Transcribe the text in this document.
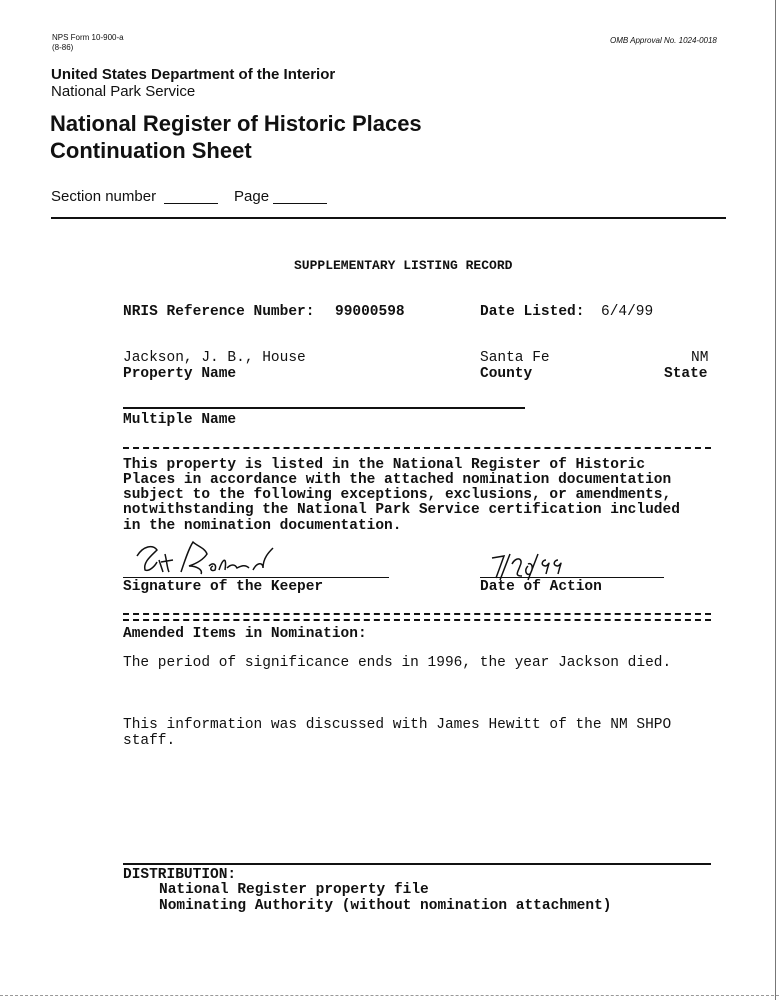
NPS Form 10-900-a
(8-86)
OMB Approval No. 1024-0018
United States Department of the Interior
National Park Service
National Register of Historic Places
Continuation Sheet
Section number	Page
SUPPLEMENTARY LISTING RECORD
NRIS Reference Number: 99000598	Date Listed: 6/4/99
Jackson, J. B., House
Property Name
Santa Fe
County
NM
State
Multiple Name
This property is listed in the National Register of Historic
Places in accordance with the attached nomination documentation
subject to the following exceptions, exclusions, or amendments,
notwithstanding the National Park Service certification included
in the nomination documentation.
Signature of the Keeper	Date of Action
Amended Items in Nomination:
The period of significance ends in 1996, the year Jackson died.
This information was discussed with James Hewitt of the NM SHPO
staff.
DISTRIBUTION:
National Register property file
Nominating Authority (without nomination attachment)
